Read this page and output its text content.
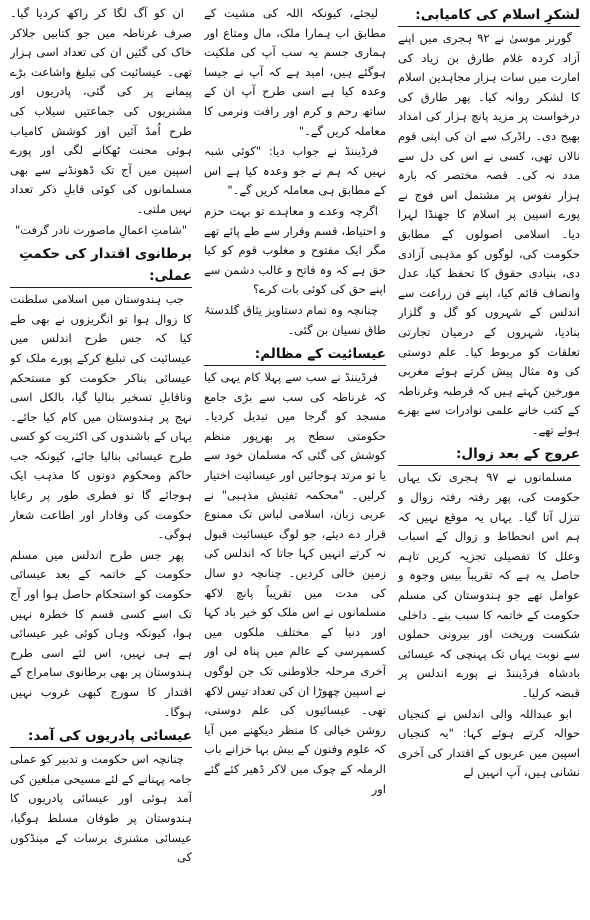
لشکرِ اسلام کی کامیابی:

گورنر موسیٰ نے ۹۲ ہجری میں اپنے آزاد کردہ غلام طارق بن زیاد کی امارت میں سات ہزار مجاہدین اسلام کا لشکر روانہ کیا۔ پھر طارق کی درخواست پر مزید پانچ ہزار کی امداد بھیج دی۔ راڈرک سے ان کی اپنی قوم نالاں تھی، کسی نے اس کی دل سے مدد نہ کی۔ قصہ مختصر کہ بارہ ہزار نفوس پر مشتمل اس فوج نے پورے اسپین پر اسلام کا جھنڈا لہرا دیا۔ اسلامی اصولوں کے مطابق حکومت کی، لوگوں کو مذہبی آزادی دی، بنیادی حقوق کا تحفظ کیا، عدل وانصاف قائم کیا، اپنے فن زراعت سے اندلس کے شہروں کو گل و گلزار بنادیا، شہروں کے درمیان تجارتی تعلقات کو مربوط کیا۔ علم دوستی کی وہ مثال پیش کرتے ہوئے مغربی مورخین کہتے ہیں کہ قرطبہ وغرناطہ کے کتب خانے علمی نوادرات سے بھرے ہوئے تھے۔

عروج کے بعد زوال:

مسلمانوں نے ۹۷ ہجری تک یہاں حکومت کی، پھر رفتہ رفتہ زوال و تنزل آتا گیا۔ یہاں یہ موقع نہیں کہ ہم اس انحطاط و زوال کے اسباب وعلل کا تفصیلی تجزیہ کریں تاہم حاصل یہ ہے کہ تقریباً بیس وجوہ و عوامل تھے جو ہندوستان کی مسلم حکومت کے خاتمہ کا سبب بنے۔ داخلی شکست وریخت اور بیرونی حملوں سے نوبت یہاں تک پہنچی کہ عیسائی بادشاہ فرڈیننڈ نے پورے اندلس پر قبضہ کرلیا۔

ابو عبداللہ والی اندلس نے کنجیاں حوالہ کرتے ہوئے کہا: "یہ کنجیاں اسپین میں عربوں کے اقتدار کی آخری نشانی ہیں، آپ انہیں لے

لیجئے، کیونکہ اللہ کی مشیت کے مطابق اب ہمارا ملک، مال ومتاع اور ہماری جسم یہ سب آپ کی ملکیت ہوگئے ہیں، امید ہے کہ آپ نے جیسا وعدہ کیا ہے اسی طرح آپ ان کے ساتھ رحم و کرم اور رافت ونرمی کا معاملہ کریں گے۔"

فرڈیننڈ نے جواب دیا: "کوئی شبہ نہیں کہ ہم نے جو وعدہ کیا ہے اس کے مطابق ہی معاملہ کریں گے۔"

اگرچہ وعدے و معاہدے تو بہت حزم و احتیاط، قسم وقرار سے طے پائے تھے مگر ایک مفتوح و مغلوب قوم کو کیا حق ہے کہ وہ فاتح و غالب دشمن سے اپنے حق کی کوئی بات کرے؟

چنانچہ وہ تمام دستاویز یثاق گلدستۂ طاق نسیان بن گئی۔

عیسائیت کے مظالم:

فرڈیننڈ نے سب سے پہلا کام یہی کیا کہ غرناطہ کی سب سے بڑی جامع مسجد کو گرجا میں تبدیل کردیا۔ حکومتی سطح پر بھرپور منظم کوشش کی گئی کہ مسلمان خود سے یا تو مرتد ہوجائیں اور عیسائیت اختیار کرلیں۔ "محکمہ تفتیش مذہبی" نے عربی زبان، اسلامی لباس تک ممنوع قرار دے دیئے، جو لوگ عیسائیت قبول نہ کرتے انہیں کہا جاتا کہ اندلس کی زمین خالی کردیں۔ چنانچہ دو سال کی مدت میں تقریباً پانچ لاکھ مسلمانوں نے اس ملک کو خیر باد کہا اور دنیا کے مختلف ملکوں میں کسمپرسی کے عالم میں پناہ لی اور آخری مرحلہ جلاوطنی تک جن لوگوں نے اسپین چھوڑا ان کی تعداد تیس لاکھ تھی۔ عیسائیوں کی علم دوستی، روشن خیالی کا منظر دیکھنے میں آیا کہ علوم وفنون کے بیش بہا خزانے باب الرملہ کے چوک میں لاکر ڈھیر کئے گئے اور

ان کو آگ لگا کر راکھ کردیا گیا۔ صرف غرناطہ میں جو کتابیں جلاکر خاک کی گئیں ان کی تعداد اسی ہزار تھی۔ عیسائیت کی تبلیغ واشاعت بڑے پیمانے پر کی گئی، پادریوں اور مشنریوں کی جماعتیں سیلاب کی طرح اُمڈ آئیں اور کوشش کامیاب ہوئی محنت ٹھکانے لگی اور پورے اسپین میں آج تک ڈھونڈنے سے بھی مسلمانوں کی کوئی قابلِ ذکر تعداد نہیں ملتی۔

"شامتِ اعمالِ ماصورت نادر گرفت"

برطانوی اقتدار کی حکمتِ عملی:

جب ہندوستان میں اسلامی سلطنت کا زوال ہوا تو انگریزوں نے بھی طے کیا کہ جس طرح اندلس میں عیسائیت کی تبلیغ کرکے پورے ملک کو عیسائی بناکر حکومت کو مستحکم وناقابلِ تسخیر بنالیا گیا، بالکل اسی نہج پر ہندوستان میں کام کیا جائے۔ یہاں کے باشندوں کی اکثریت کو کسی طرح عیسائی بنالیا جائے، کیونکہ جب حاکم ومحکوم دونوں کا مذہب ایک ہوجائے گا تو فطری طور پر رعایا حکومت کی وفادار اور اطاعت شعار ہوگی۔

پھر جس طرح اندلس میں مسلم حکومت کے خاتمہ کے بعد عیسائی حکومت کو استحکام حاصل ہوا اور آج تک اسے کسی قسم کا خطرہ نہیں ہوا، کیونکہ وہاں کوئی غیر عیسائی ہے ہی نہیں، اس لئے اسی طرح ہندوستان پر بھی برطانوی سامراج کے اقتدار کا سورج کبھی غروب نہیں ہوگا۔

عیسائی پادریوں کی آمد:

چنانچہ اس حکومت و تدبیر کو عملی جامہ پہنانے کے لئے مسیحی مبلغین کی آمد ہوئی اور عیسائی پادریوں کا ہندوستان پر طوفان مسلط ہوگیا، عیسائی مشنری برسات کے مینڈکوں کی
